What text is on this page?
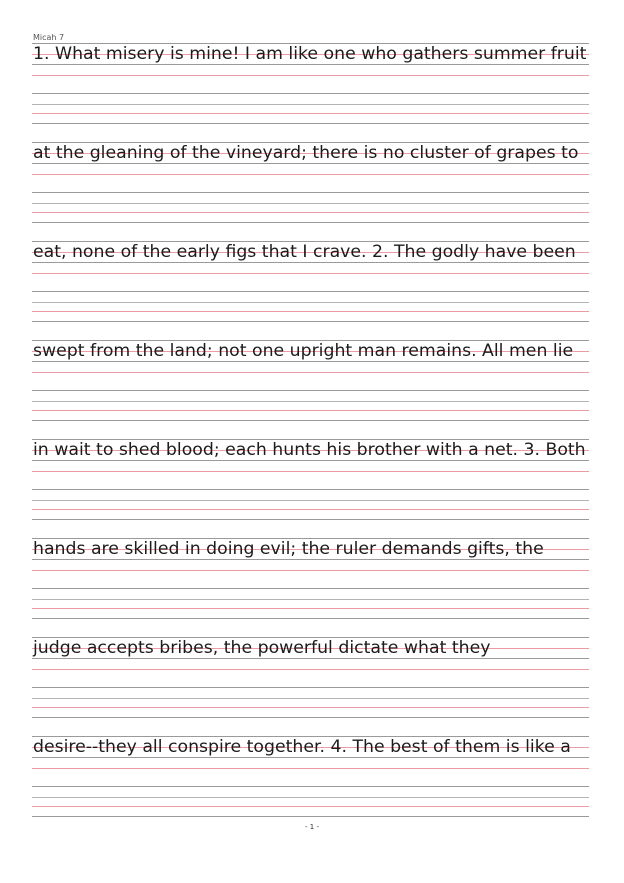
Micah 7
1. What misery is mine! I am like one who gathers summer fruit
at the gleaning of the vineyard; there is no cluster of grapes to
eat, none of the early figs that I crave. 2. The godly have been
swept from the land; not one upright man remains. All men lie
in wait to shed blood; each hunts his brother with a net. 3. Both
hands are skilled in doing evil; the ruler demands gifts, the
judge accepts bribes, the powerful dictate what they
desire--they all conspire together. 4. The best of them is like a
- 1 -
